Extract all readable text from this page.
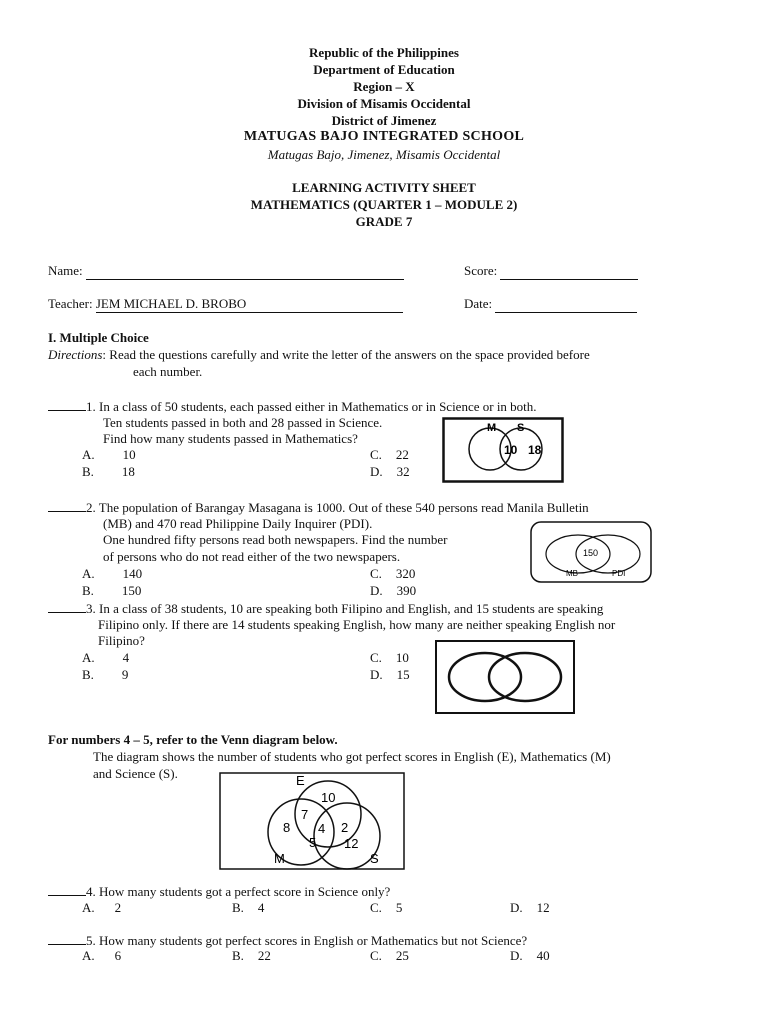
Republic of the Philippines
Department of Education
Region – X
Division of Misamis Occidental
District of Jimenez
MATUGAS BAJO INTEGRATED SCHOOL
Matugas Bajo, Jimenez, Misamis Occidental
LEARNING ACTIVITY SHEET
MATHEMATICS (QUARTER 1 – MODULE 2)
GRADE 7
Name:	Score:
Teacher: JEM MICHAEL D. BROBO	Date:
I. Multiple Choice
Directions: Read the questions carefully and write the letter of the answers on the space provided before
each number.
1. In a class of 50 students, each passed either in Mathematics or in Science or in both.
Ten students passed in both and 28 passed in Science.
Find how many students passed in Mathematics?
A. 10
B. 18
C. 22
D. 32
M S
10 18
2. The population of Barangay Masagana is 1000. Out of these 540 persons read Manila Bulletin
(MB) and 470 read Philippine Daily Inquirer (PDI).
One hundred fifty persons read both newspapers. Find the number
of persons who do not read either of the two newspapers.
A. 140
B. 150
C. 320
D. 390
150
MB	PDI
3. In a class of 38 students, 10 are speaking both Filipino and English, and 15 students are speaking
Filipino only. If there are 14 students speaking English, how many are neither speaking English nor
Filipino?
A. 4
B. 9
C. 10
D. 15
For numbers 4 – 5, refer to the Venn diagram below.
The diagram shows the number of students who got perfect scores in English (E), Mathematics (M)
and Science (S).	E
M	S
10
7
8 4 2
5 12
4. How many students got a perfect score in Science only?
A. 2	B. 4	C. 5	D. 12
5. How many students got perfect scores in English or Mathematics but not Science?
A. 6	B. 22	C. 25	D. 40
